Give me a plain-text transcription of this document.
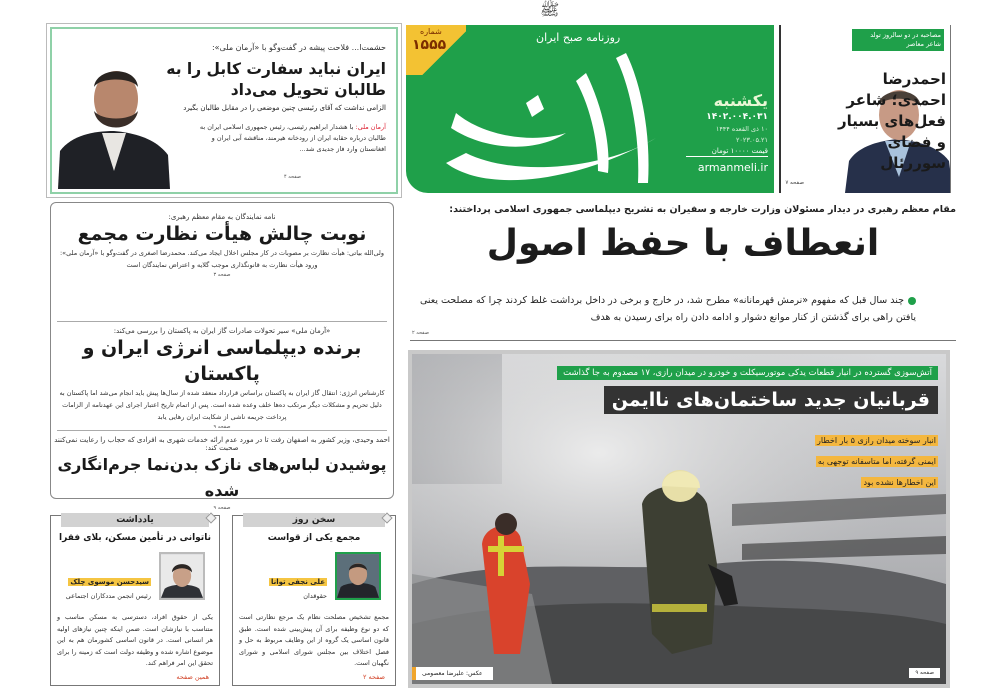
شماره
۱۵۵۵	روزنامه صبح ایران
یکشنبه
۱۴۰۲.۰۰۴.۰۳۱
۱۰ ذی القعده ۱۴۴۴
۲۰۲۳.۰۵.۲۱
قیمت ۱۰۰۰۰ تومان
armanmeli.ir
ﷺ
مصاحبه در دو سالروز تولد شاعر معاصر
احمدرضا احمدی؛ شاعر فعل‌های بسیار و فضای سوررئال
صفحه ۷
حشمت‌ا... فلاحت پیشه در گفت‌وگو با «آرمان ملی»:
ایران نباید سفارت کابل را به طالبان تحویل می‌داد
الزامی نداشت که آقای رئیسی چنین موضعی را در مقابل طالبان بگیرد
آرمان ملی: با هشدار ابراهیم رئیسی، رئیس جمهوری اسلامی ایران به طالبان درباره حقابه ایران از رودخانه هیرمند، مناقشه آبی ایران و افغانستان وارد فاز جدیدی شد...
صفحه ۴
نامه نمایندگان به مقام معظم رهبری:
نوبت چالش هیأت نظارت مجمع
ولی‌الله بیاتی: هیأت نظارت بر مصوبات در کار مجلس اخلال ایجاد می‌کند. محمدرضا اصغری در گفت‌وگو با «آرمان ملی»: ورود هیأت نظارت به قانونگذاری موجب گلایه و اعتراض نمایندگان است
صفحه ۳
«آرمان ملی» سیر تحولات صادرات گاز ایران به پاکستان را بررسی می‌کند:
برنده دیپلماسی انرژی ایران و پاکستان
کارشناس انرژی: انتقال گاز ایران به پاکستان براساس قرارداد منعقد شده از سال‌ها پیش باید انجام می‌شد اما پاکستان به دلیل تحریم و مشکلات دیگر مرتکب ده‌ها خلف وعده شده است. پس از اتمام تاریخ اعتبار اجرای این عهدنامه از الزامات پرداخت جریمه ناشی از شکایت ایران رهایی یابد
صفحه ۹
احمد وحیدی، وزیر کشور به اصفهان رفت تا در مورد عدم ارائه خدمات شهری به افرادی که حجاب را رعایت نمی‌کنند صحبت کند:
پوشیدن لباس‌های نازک بدن‌نما جرم‌انگاری شده
صفحه ۹
مقام معظم رهبری در دیدار مسئولان وزارت خارجه و سفیران به تشریح دیپلماسی جمهوری اسلامی پرداختند:
انعطاف با حفظ اصول
چند سال قبل که مفهوم «نرمش قهرمانانه» مطرح شد، در خارج و برخی در داخل برداشت غلط کردند چرا که مصلحت یعنی یافتن راهی برای گذشتن از کنار موانع دشوار و ادامه دادن راه برای رسیدن به هدف
صفحه ۲
آتش‌سوزی گسترده در انبار قطعات یدکی موتورسیکلت و خودرو در میدان رازی، ۱۷ مصدوم به جا گذاشت
قربانیان جدید ساختمان‌های ناایمن
انبار سوخته میدان رازی ۵ بار اخطار
ایمنی گرفته، اما متاسفانه توجهی به
این اخطارها نشده بود
عکس: علیرضا معصومی	صفحه ۹
سخن روز
مجمع یکی از قواست
علی نجفی توانا
حقوقدان
مجمع تشخیص مصلحت نظام یک مرجع نظارتی است که دو نوع وظیفه برای آن پیش‌بینی شده است. طبق قانون اساسی یک گروه از این وظایف مربوط به حل و فصل اختلاف بین مجلس شورای اسلامی و شورای نگهبان است.
صفحه ۲
یادداشت
ناتوانی در تأمین مسکن، بلای فقرا
سیدحسن موسوی چلک
رئیس انجمن مددکاران اجتماعی
یکی از حقوق افراد، دسترسی به مسکن مناسب و متناسب با نیازشان است. ضمن اینکه چنین نیازهای اولیه هر انسانی است. در قانون اساسی کشورمان هم به این موضوع اشاره شده و وظیفه دولت است که زمینه را برای تحقق این امر فراهم کند.
همین صفحه
